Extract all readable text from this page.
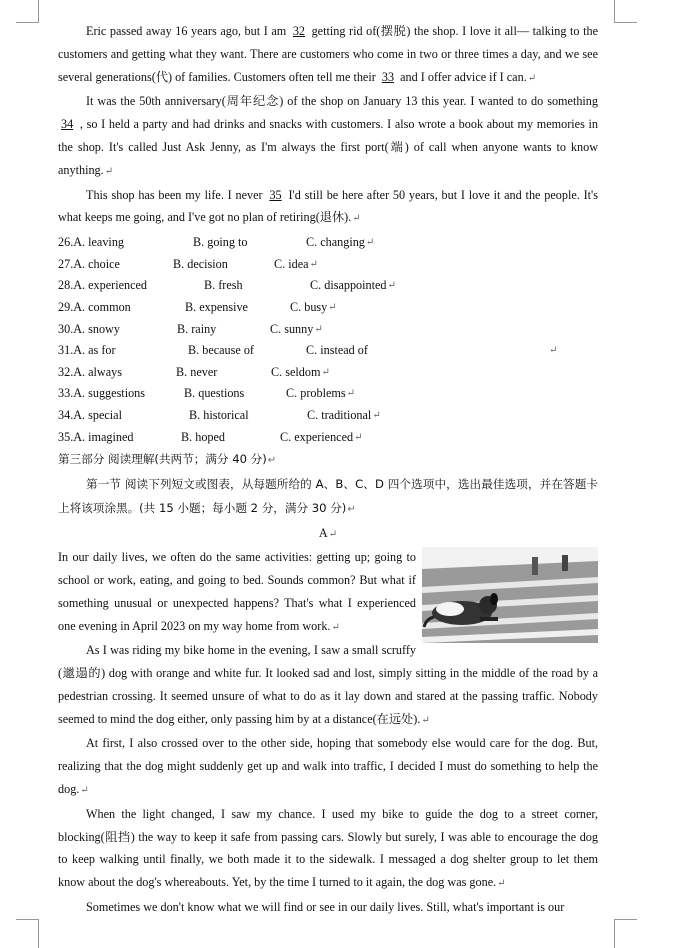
Eric passed away 16 years ago, but I am 32 getting rid of(摆脱) the shop. I love it all— talking to the customers and getting what they want. There are customers who come in two or three times a day, and we see several generations(代) of families. Customers often tell me their 33 and I offer advice if I can.↵

It was the 50th anniversary(周年纪念) of the shop on January 13 this year. I wanted to do something 34 , so I held a party and had drinks and snacks with customers. I also wrote a book about my memories in the shop. It's called Just Ask Jenny, as I'm always the first port(端) of call when anyone wants to know anything.↵

This shop has been my life. I never 35 I'd still be here after 50 years, but I love it and the people. It's what keeps me going, and I've got no plan of retiring(退休).↵

26.A. leaving	B. going to	C. changing ↵
27.A. choice	B. decision	C. idea ↵
28.A. experienced	B. fresh	C. disappointed ↵
29.A. common	B. expensive	C. busy ↵
30.A. snowy	B. rainy	C. sunny ↵
31.A. as for	B. because of	C. instead of	↵
32.A. always	B. never	C. seldom ↵
33.A. suggestions	B. questions	C. problems ↵
34.A. special	B. historical	C. traditional ↵
35.A. imagined	B. hoped	C. experienced ↵

第三部分 阅读理解(共两节；满分 40 分)↵

第一节 阅读下列短文或图表，从每题所给的 A、B、C、D 四个选项中，选出最佳选项，并在答题卡上将该项涂黑。(共 15 小题；每小题 2 分，满分 30 分)↵

A↵

In our daily lives, we often do the same activities: getting up; going to school or work, eating, and going to bed. Sounds common? But what if something unusual or unexpected happens? That's what I experienced one evening in April 2023 on my way home from work.↵

As I was riding my bike home in the evening, I saw a small scruffy (邋遢的) dog with orange and white fur. It looked sad and lost, simply sitting in the middle of the road by a pedestrian crossing. It seemed unsure of what to do as it lay down and stared at the passing traffic. Nobody seemed to mind the dog either, only passing him by at a distance(在远处).↵

At first, I also crossed over to the other side, hoping that somebody else would care for the dog. But, realizing that the dog might suddenly get up and walk into traffic, I decided I must do something to help the dog.↵

When the light changed, I saw my chance. I used my bike to guide the dog to a street corner, blocking(阻挡) the way to keep it safe from passing cars. Slowly but surely, I was able to encourage the dog to keep walking until finally, we both made it to the sidewalk. I messaged a dog shelter group to let them know about the dog's whereabouts. Yet, by the time I turned to it again, the dog was gone.↵

Sometimes we don't know what we will find or see in our daily lives. Still, what's important is our
